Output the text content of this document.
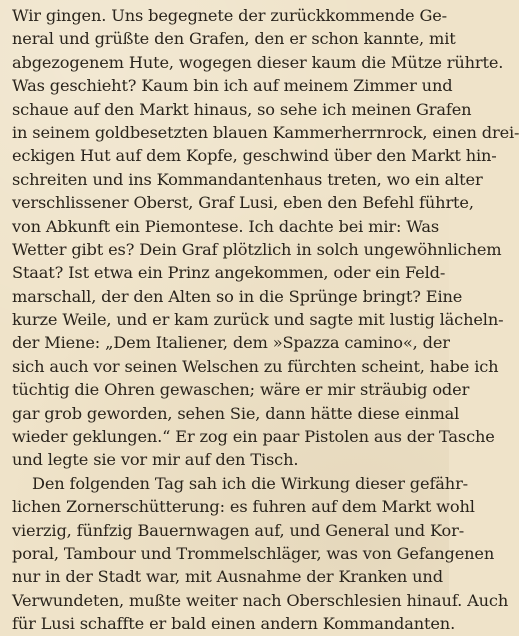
Wir gingen. Uns begegnete der zurückkommende Ge-
neral und grüßte den Grafen, den er schon kannte, mit
abgezogenem Hute, wogegen dieser kaum die Mütze rührte.
Was geschieht? Kaum bin ich auf meinem Zimmer und
schaue auf den Markt hinaus, so sehe ich meinen Grafen
in seinem goldbesetzten blauen Kammerherrnrock, einen drei-
eckigen Hut auf dem Kopfe, geschwind über den Markt hin-
schreiten und ins Kommandantenhaus treten, wo ein alter
verschlissener Oberst, Graf Lusi, eben den Befehl führte,
von Abkunft ein Piemontese. Ich dachte bei mir: Was
Wetter gibt es? Dein Graf plötzlich in solch ungewöhnlichem
Staat? Ist etwa ein Prinz angekommen, oder ein Feld-
marschall, der den Alten so in die Sprünge bringt? Eine
kurze Weile, und er kam zurück und sagte mit lustig lächeln-
der Miene: „Dem Italiener, dem »Spazza camino«, der
sich auch vor seinen Welschen zu fürchten scheint, habe ich
tüchtig die Ohren gewaschen; wäre er mir sträubig oder
gar grob geworden, sehen Sie, dann hätte diese einmal
wieder geklungen.“ Er zog ein paar Pistolen aus der Tasche
und legte sie vor mir auf den Tisch.
Den folgenden Tag sah ich die Wirkung dieser gefähr-
lichen Zornerschütterung: es fuhren auf dem Markt wohl
vierzig, fünfzig Bauernwagen auf, und General und Kor-
poral, Tambour und Trommelschläger, was von Gefangenen
nur in der Stadt war, mit Ausnahme der Kranken und
Verwundeten, mußte weiter nach Oberschlesien hinauf. Auch
für Lusi schaffte er bald einen andern Kommandanten.
